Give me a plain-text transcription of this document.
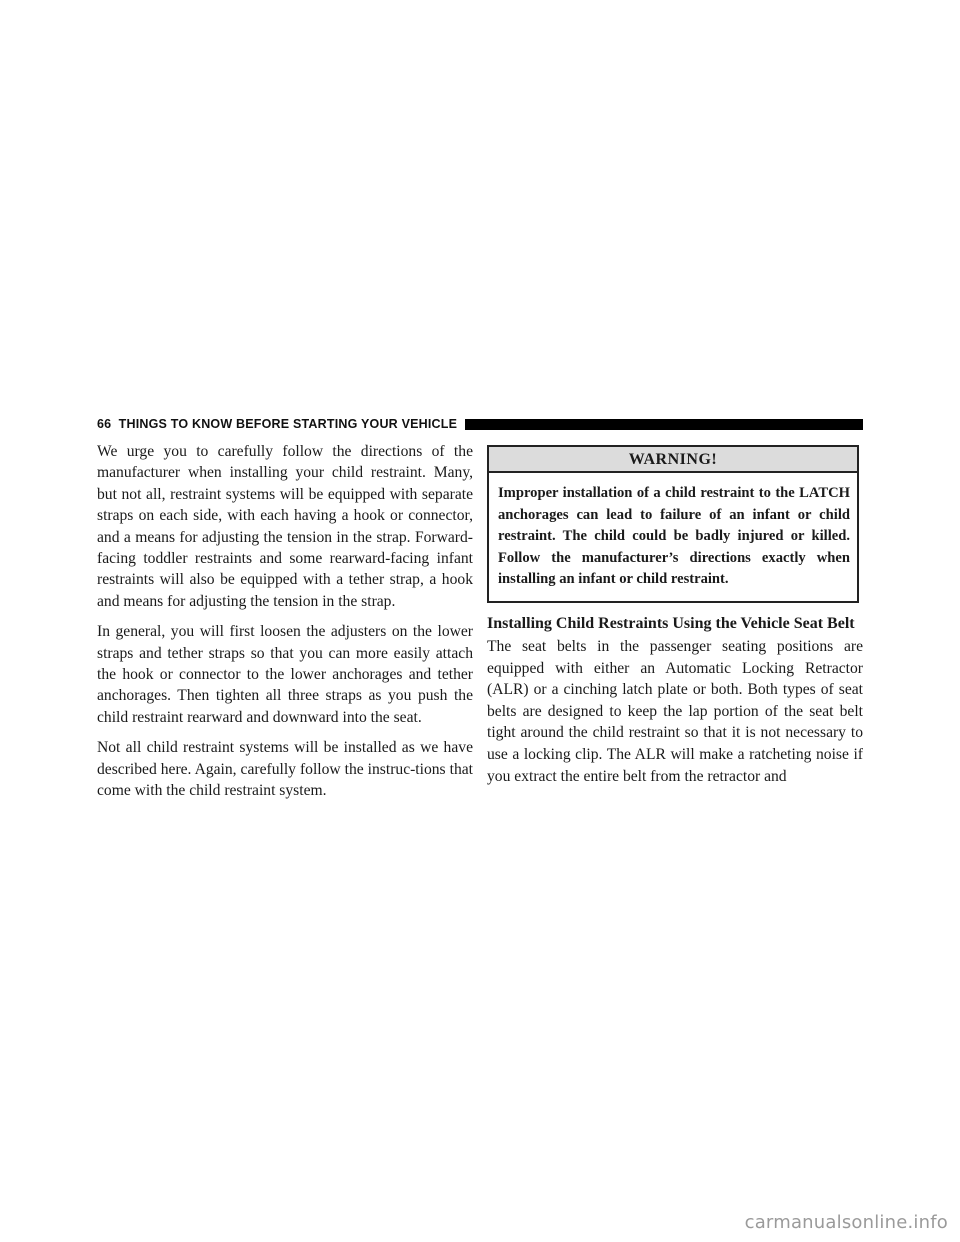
66 THINGS TO KNOW BEFORE STARTING YOUR VEHICLE

We urge you to carefully follow the directions of the manufacturer when installing your child restraint. Many, but not all, restraint systems will be equipped with separate straps on each side, with each having a hook or connector, and a means for adjusting the tension in the strap. Forward-facing toddler restraints and some rearward-facing infant restraints will also be equipped with a tether strap, a hook and means for adjusting the tension in the strap.

In general, you will first loosen the adjusters on the lower straps and tether straps so that you can more easily attach the hook or connector to the lower anchorages and tether anchorages. Then tighten all three straps as you push the child restraint rearward and downward into the seat.

Not all child restraint systems will be installed as we have described here. Again, carefully follow the instruc-tions that come with the child restraint system.

WARNING!
Improper installation of a child restraint to the LATCH anchorages can lead to failure of an infant or child restraint. The child could be badly injured or killed. Follow the manufacturer’s directions exactly when installing an infant or child restraint.
Installing Child Restraints Using the Vehicle Seat Belt

The seat belts in the passenger seating positions are equipped with either an Automatic Locking Retractor (ALR) or a cinching latch plate or both. Both types of seat belts are designed to keep the lap portion of the seat belt tight around the child restraint so that it is not necessary to use a locking clip. The ALR will make a ratcheting noise if you extract the entire belt from the retractor and

carmanualsonline.info
